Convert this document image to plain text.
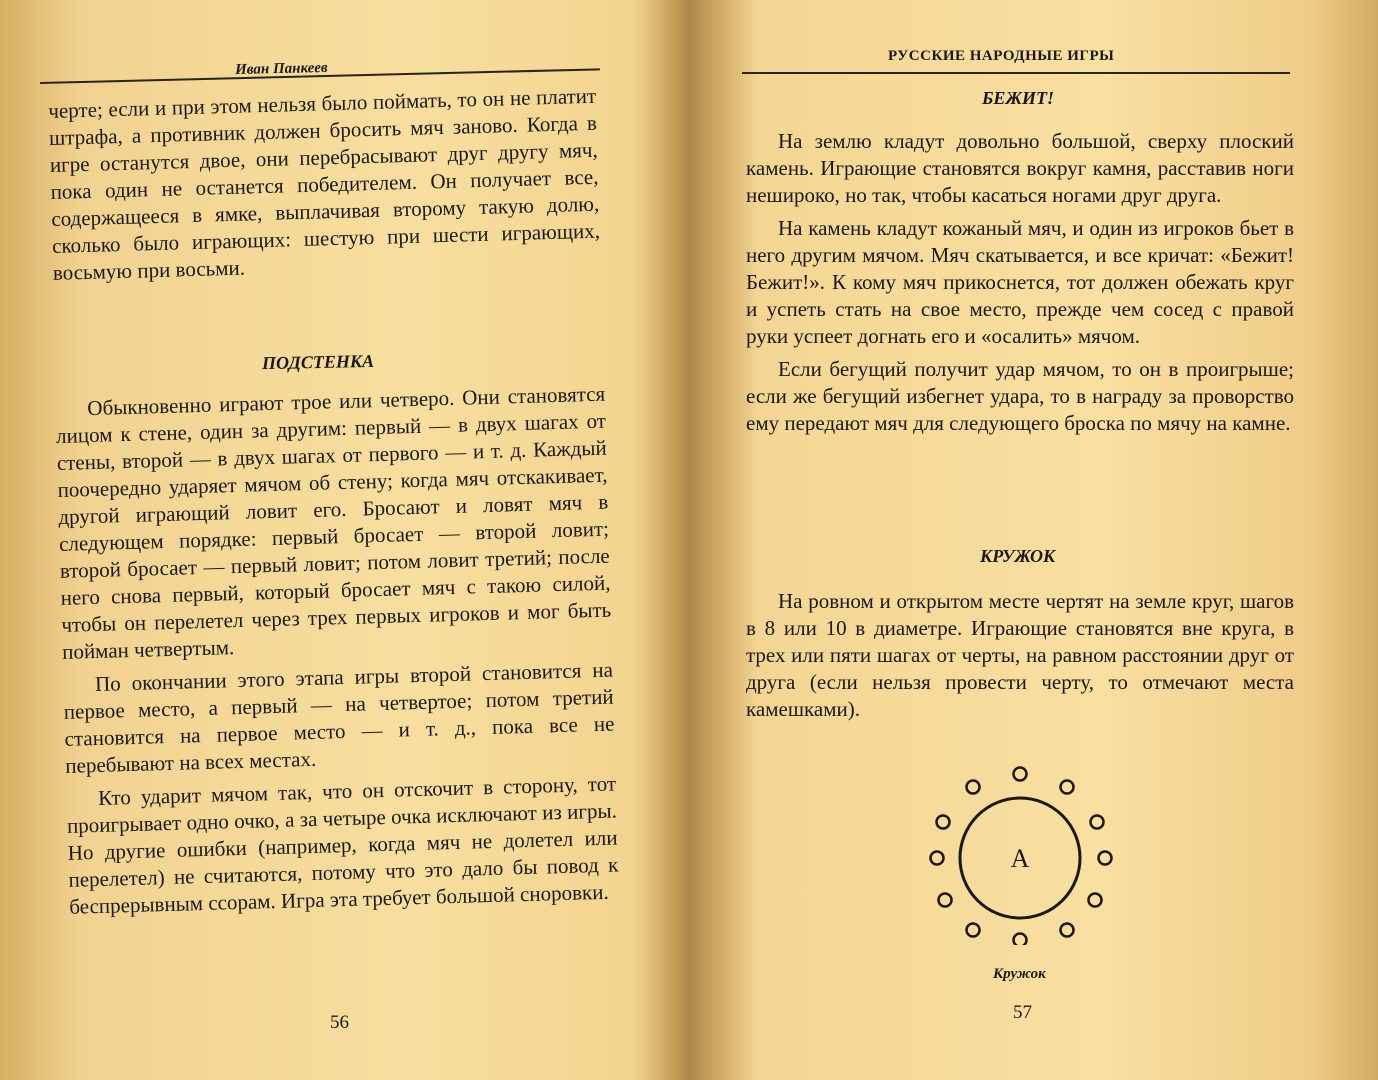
Иван Панкеев

черте; если и при этом нельзя было поймать, то он не платит штрафа, а противник должен бросить мяч заново. Когда в игре останутся двое, они перебрасывают друг другу мяч, пока один не останется победителем. Он получает все, содержащееся в ямке, выплачивая второму такую долю, сколько было играющих: шестую при шести играющих, восьмую при восьми.

ПОДСТЕНКА

Обыкновенно играют трое или четверо. Они становятся лицом к стене, один за другим: первый — в двух шагах от стены, второй — в двух шагах от первого — и т. д. Каждый поочередно ударяет мячом об стену; когда мяч отскакивает, другой играющий ловит его. Бросают и ловят мяч в следующем порядке: первый бросает — второй ловит; второй бросает — первый ловит; потом ловит третий; после него снова первый, который бросает мяч с такою силой, чтобы он перелетел через трех первых игроков и мог быть пойман четвертым.

По окончании этого этапа игры второй становится на первое место, а первый — на четвертое; потом третий становится на первое место — и т. д., пока все не перебывают на всех местах.

Кто ударит мячом так, что он отскочит в сторону, тот проигрывает одно очко, а за четыре очка исключают из игры. Но другие ошибки (например, когда мяч не долетел или перелетел) не считаются, потому что это дало бы повод к беспрерывным ссорам. Игра эта требует большой сноровки.

56
РУССКИЕ НАРОДНЫЕ ИГРЫ
БЕЖИТ!

На землю кладут довольно большой, сверху плоский камень. Играющие становятся вокруг камня, расставив ноги нешироко, но так, чтобы касаться ногами друг друга.

На камень кладут кожаный мяч, и один из игроков бьет в него другим мячом. Мяч скатывается, и все кричат: «Бежит! Бежит!». К кому мяч прикоснется, тот должен обежать круг и успеть стать на свое место, прежде чем сосед с правой руки успеет догнать его и «осалить» мячом.

Если бегущий получит удар мячом, то он в проигрыше; если же бегущий избегнет удара, то в награду за проворство ему передают мяч для следующего броска по мячу на камне.

КРУЖОК

На ровном и открытом месте чертят на земле круг, шагов в 8 или 10 в диаметре. Играющие становятся вне круга, в трех или пяти шагах от черты, на равном расстоянии друг от друга (если нельзя провести черту, то отмечают места камешками).

А
Кружок
57
